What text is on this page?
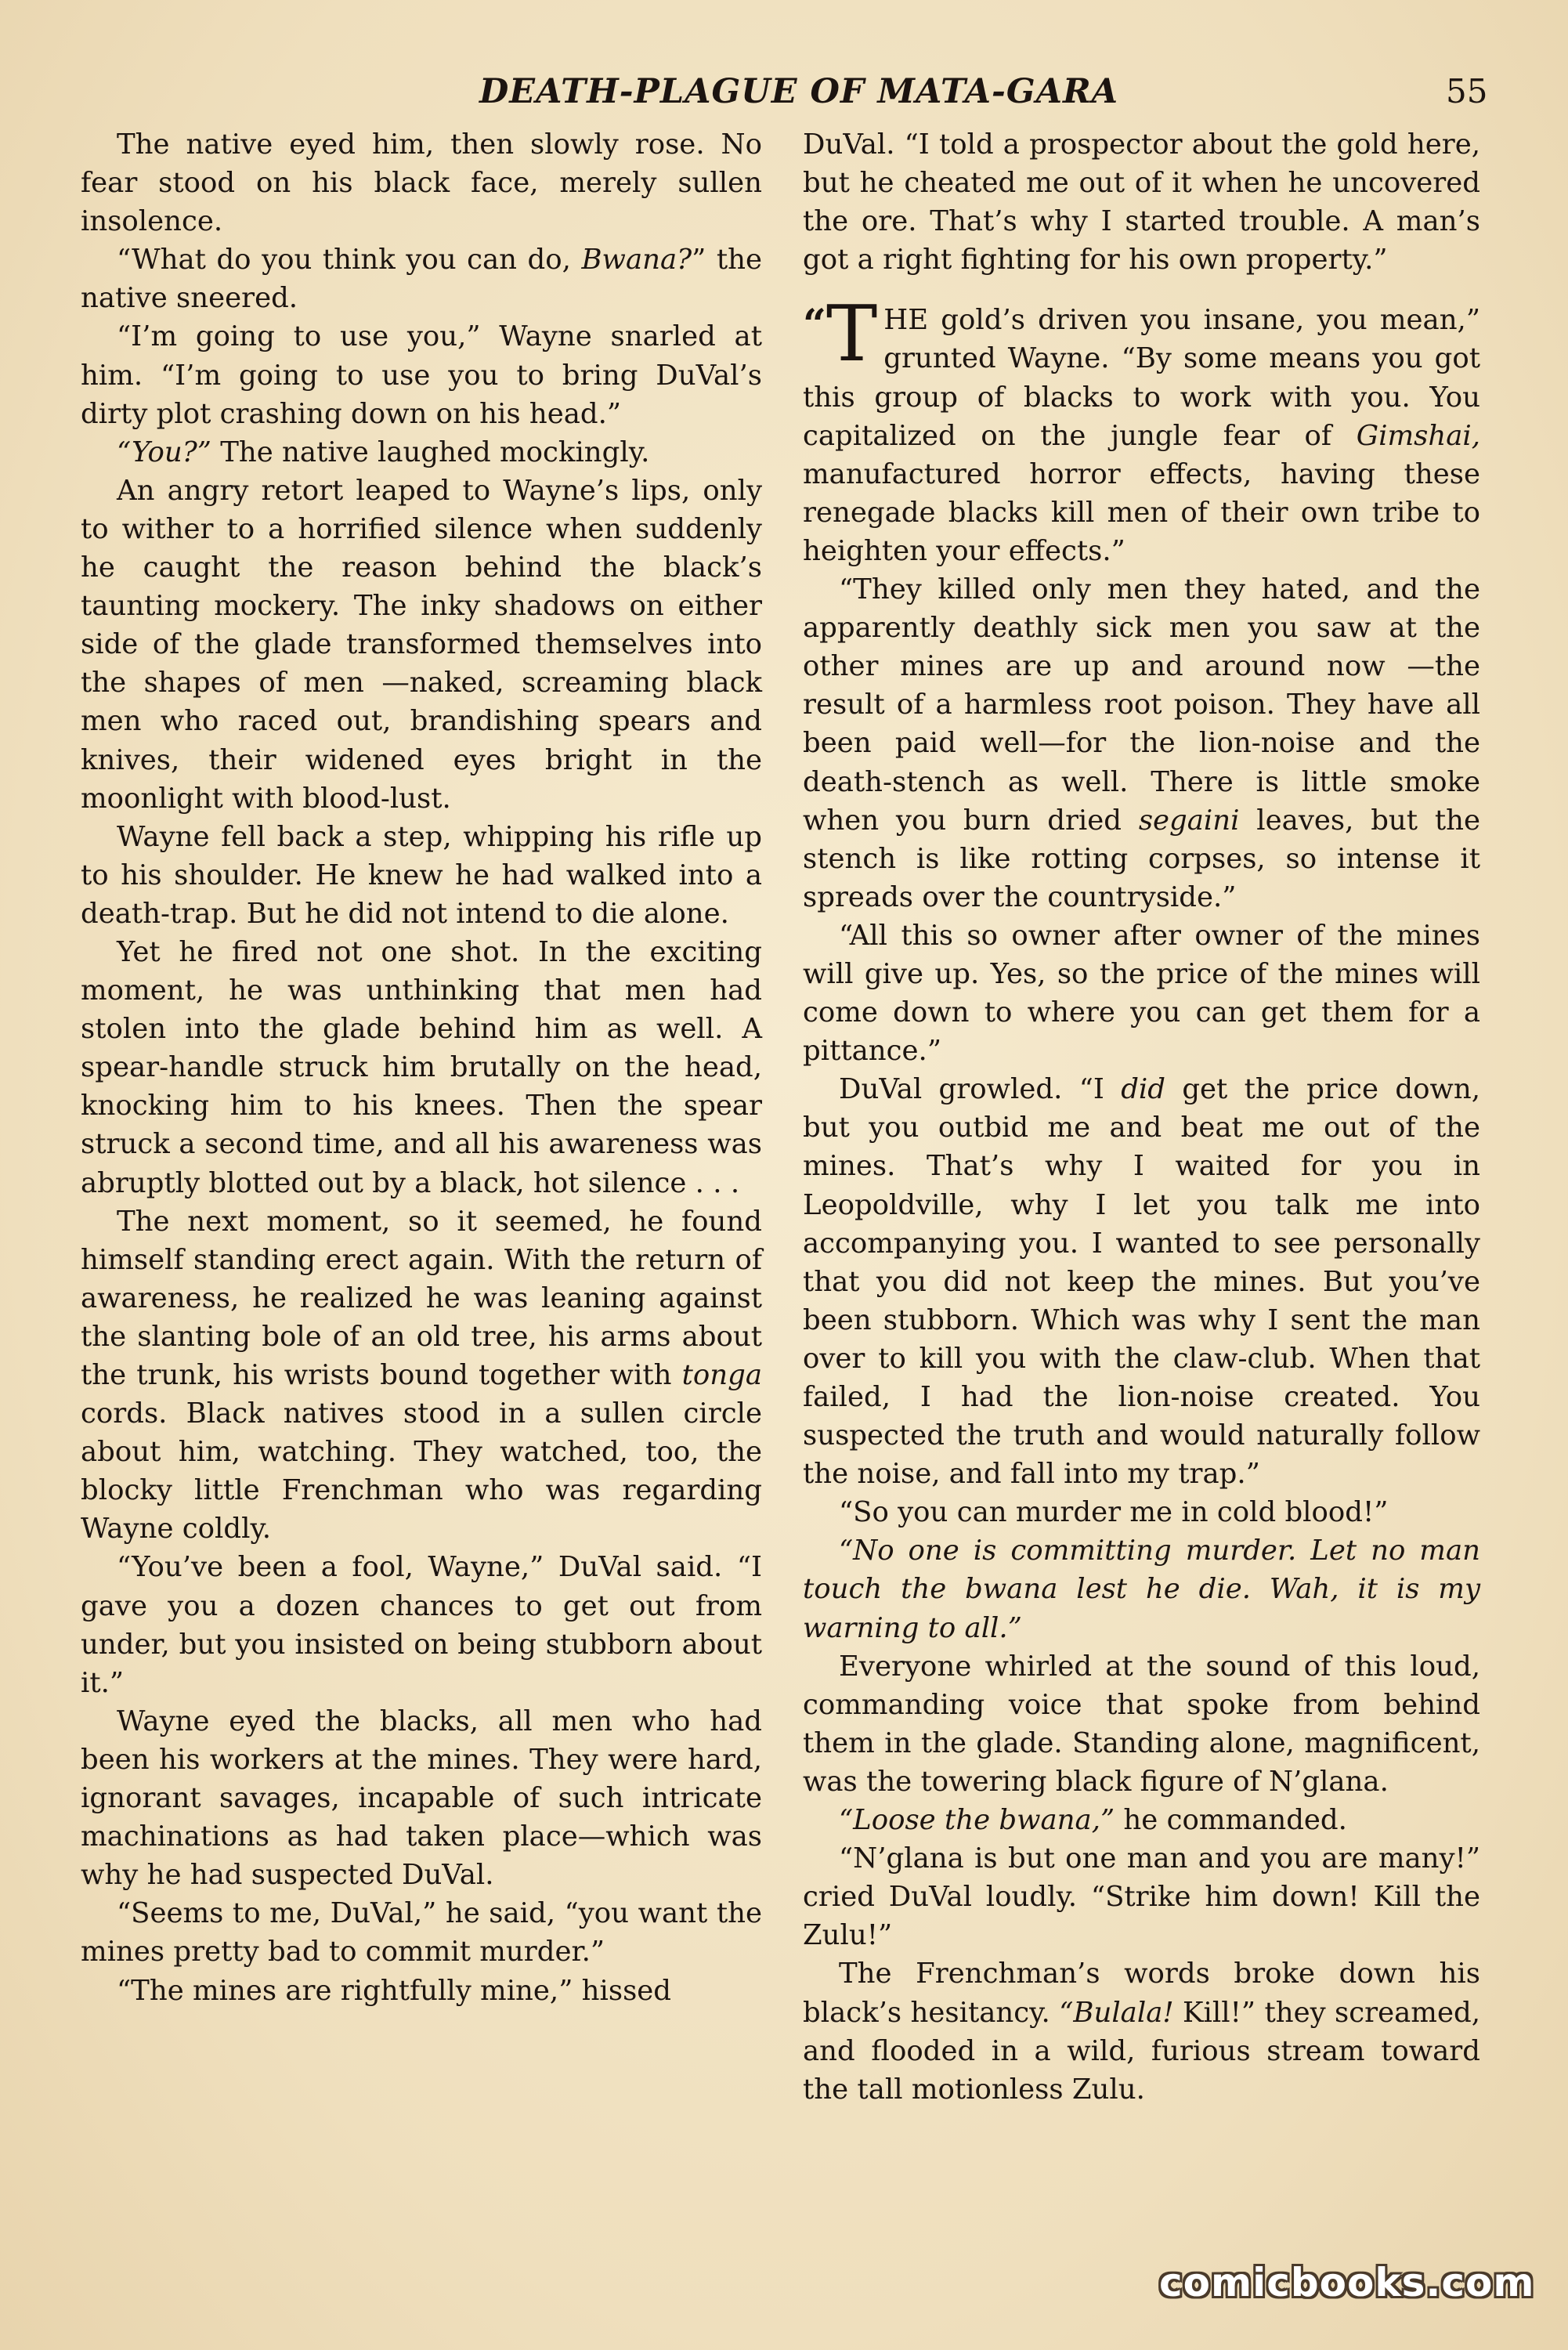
DEATH-PLAGUE OF MATA-GARA	55

The native eyed him, then slowly rose. No fear stood on his black face, merely sullen insolence.

“What do you think you can do, Bwana?” the native sneered.

“I’m going to use you,” Wayne snarled at him. “I’m going to use you to bring DuVal’s dirty plot crashing down on his head.”

“You?” The native laughed mockingly.

An angry retort leaped to Wayne’s lips, only to wither to a horrified silence when suddenly he caught the reason behind the black’s taunting mockery. The inky shadows on either side of the glade transformed themselves into the shapes of men —naked, screaming black men who raced out, brandishing spears and knives, their widened eyes bright in the moonlight with blood-lust.

Wayne fell back a step, whipping his rifle up to his shoulder. He knew he had walked into a death-trap. But he did not intend to die alone.

Yet he fired not one shot. In the exciting moment, he was unthinking that men had stolen into the glade behind him as well. A spear-handle struck him brutally on the head, knocking him to his knees. Then the spear struck a second time, and all his awareness was abruptly blotted out by a black, hot silence . . .

The next moment, so it seemed, he found himself standing erect again. With the return of awareness, he realized he was leaning against the slanting bole of an old tree, his arms about the trunk, his wrists bound together with tonga cords. Black natives stood in a sullen circle about him, watching. They watched, too, the blocky little Frenchman who was regarding Wayne coldly.

“You’ve been a fool, Wayne,” DuVal said. “I gave you a dozen chances to get out from under, but you insisted on being stubborn about it.”

Wayne eyed the blacks, all men who had been his workers at the mines. They were hard, ignorant savages, incapable of such intricate machinations as had taken place—which was why he had suspected DuVal.

“Seems to me, DuVal,” he said, “you want the mines pretty bad to commit murder.”

“The mines are rightfully mine,” hissed

DuVal. “I told a prospector about the gold here, but he cheated me out of it when he uncovered the ore. That’s why I started trouble. A man’s got a right fighting for his own property.”

“ T HE gold’s driven you insane, you mean,” grunted Wayne. “By some means you got this group of blacks to work with you. You capitalized on the jungle fear of Gimshai, manufactured horror effects, having these renegade blacks kill men of their own tribe to heighten your effects.”

“They killed only men they hated, and the apparently deathly sick men you saw at the other mines are up and around now —the result of a harmless root poison. They have all been paid well—for the lion-noise and the death-stench as well. There is little smoke when you burn dried segaini leaves, but the stench is like rotting corpses, so intense it spreads over the countryside.”

“All this so owner after owner of the mines will give up. Yes, so the price of the mines will come down to where you can get them for a pittance.”

DuVal growled. “I did get the price down, but you outbid me and beat me out of the mines. That’s why I waited for you in Leopoldville, why I let you talk me into accompanying you. I wanted to see personally that you did not keep the mines. But you’ve been stubborn. Which was why I sent the man over to kill you with the claw-club. When that failed, I had the lion-noise created. You suspected the truth and would naturally follow the noise, and fall into my trap.”

“So you can murder me in cold blood!”

“No one is committing murder. Let no man touch the bwana lest he die. Wah, it is my warning to all.”

Everyone whirled at the sound of this loud, commanding voice that spoke from behind them in the glade. Standing alone, magnificent, was the towering black figure of N’glana.

“Loose the bwana,” he commanded.

“N’glana is but one man and you are many!” cried DuVal loudly. “Strike him down! Kill the Zulu!”

The Frenchman’s words broke down his black’s hesitancy. “Bulala! Kill!” they screamed, and flooded in a wild, furious stream toward the tall motionless Zulu.

comicbooks.com
